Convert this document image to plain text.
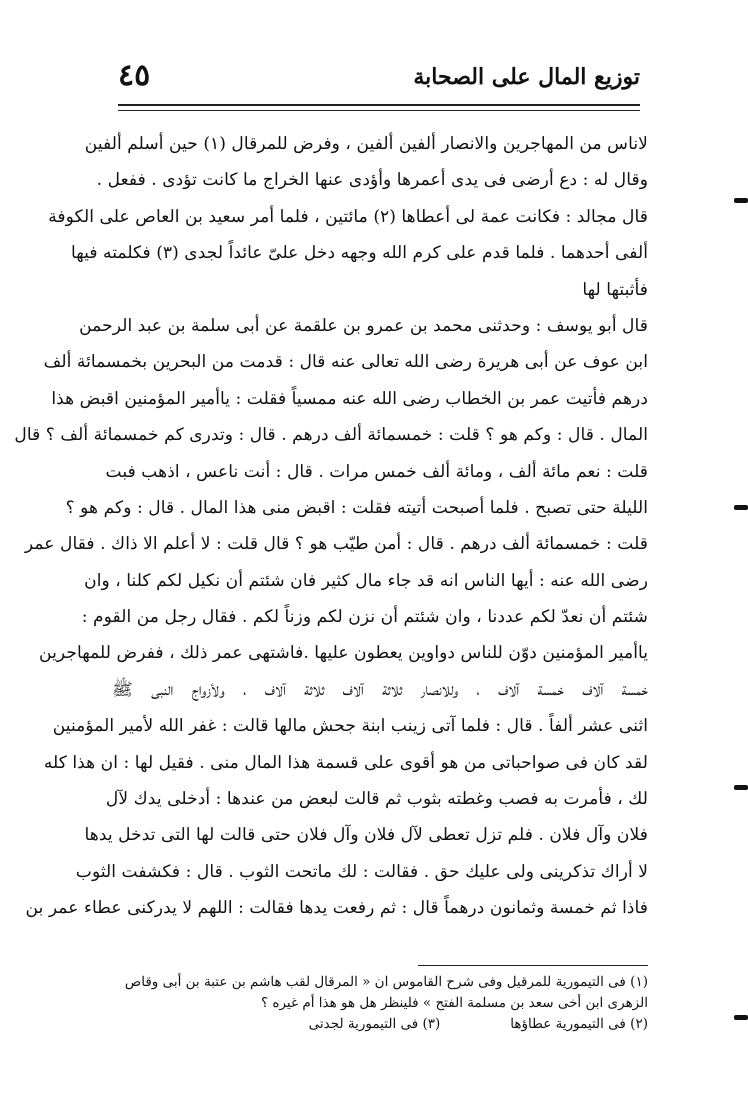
توزيع المال على الصحابة
٤٥
لاناس من المهاجرين والانصار ألفين ألفين ، وفرض للمرقال (١) حين أسلم ألفين
وقال له : دع أرضى فى يدى أعمرها وأؤدى عنها الخراج ما كانت تؤدى . ففعل .
قال مجالد : فكانت عمة لى أعطاها (٢) مائتين ، فلما أمر سعيد بن العاص على الكوفة
ألفى أحدهما . فلما قدم على كرم الله وجهه دخل علىّ عائداً لجدى (٣) فكلمته فيها
فأثبتها لها
قال أبو يوسف : وحدثنى محمد بن عمرو بن علقمة عن أبى سلمة بن عبد الرحمن
ابن عوف عن أبى هريرة رضى الله تعالى عنه قال : قدمت من البحرين بخمسمائة ألف
درهم فأتيت عمر بن الخطاب رضى الله عنه ممسياً فقلت : ياأمير المؤمنين اقبض هذا
المال . قال : وكم هو ؟ قلت : خمسمائة ألف درهم . قال : وتدرى كم خمسمائة ألف ؟ قال
قلت : نعم مائة ألف ، ومائة ألف خمس مرات . قال : أنت ناعس ، اذهب فبت
الليلة حتى تصبح . فلما أصبحت أتيته فقلت : اقبض منى هذا المال . قال : وكم هو ؟
قلت : خمسمائة ألف درهم . قال : أمن طيّب هو ؟ قال قلت : لا أعلم الا ذاك . فقال عمر
رضى الله عنه : أيها الناس انه قد جاء مال كثير فان شئتم أن نكيل لكم كلنا ، وان
شئتم أن نعدّ لكم عددنا ، وان شئتم أن نزن لكم وزناً لكم . فقال رجل من القوم :
ياأمير المؤمنين دوّن للناس دواوين يعطون عليها .فاشتهى عمر ذلك ، ففرض للمهاجرين
خمسة آلاف خمسة آلاف ، وللانصار ثلاثة آلاف ثلاثة آلاف ، ولأزواج النبى ﷺ
اثنى عشر ألفاً . قال : فلما آتى زينب ابنة جحش مالها قالت : غفر الله لأمير المؤمنين
لقد كان فى صواحباتى من هو أقوى على قسمة هذا المال منى . فقيل لها : ان هذا كله
لك ، فأمرت به فصب وغطته بثوب ثم قالت لبعض من عندها : أدخلى يدك لآل
فلان وآل فلان . فلم تزل تعطى لآل فلان وآل فلان حتى قالت لها التى تدخل يدها
لا أراك تذكرينى ولى عليك حق . فقالت : لك ماتحت الثوب . قال : فكشفت الثوب
فاذا ثم خمسة وثمانون درهماً قال : ثم رفعت يدها فقالت : اللهم لا يدركنى عطاء عمر بن
(١) فى التيمورية للمرقيل وفى شرح القاموس ان « المرقال لقب هاشم بن عتبة بن أبى وقاص
الزهرى ابن أخى سعد بن مسلمة الفتح » فلينظر هل هو هذا أم غيره ؟
(٢) فى التيمورية عطاؤها
(٣) فى التيمورية لجدتى
